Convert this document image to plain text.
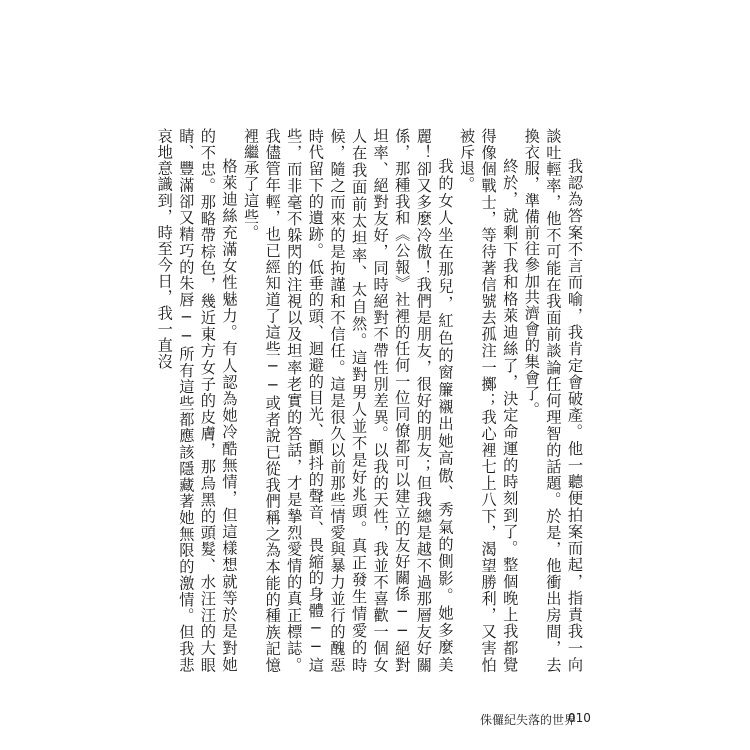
我認為答案不言而喻，我肯定會破產。他一聽便拍案而起，指責我一向談吐輕率，他不可能在我面前談論任何理智的話題。於是，他衝出房間，去換衣服，準備前往參加共濟會的集會了。

終於，就剩下我和格萊迪絲了，決定命運的時刻到了。整個晚上我都覺得像個戰士，等待著信號去孤注一擲；我心裡七上八下，渴望勝利，又害怕被斥退。

我的女人坐在那兒，紅色的窗簾襯出她高傲、秀氣的側影。她多麼美麗！卻又多麼冷傲！我們是朋友，很好的朋友；但我總是越不過那層友好關係，那種我和《公報》社裡的任何一位同僚都可以建立的友好關係──絕對坦率、絕對友好，同時絕對不帶性別差異。以我的天性，我並不喜歡一個女人在我面前太坦率、太自然。這對男人並不是好兆頭。真正發生情愛的時候，隨之而來的是拘謹和不信任。這是很久以前那些情愛與暴力並行的醜惡時代留下的遺跡。低垂的頭、迴避的目光、顫抖的聲音、畏縮的身體──這些，而非毫不躲閃的注視以及坦率老實的答話，才是摯烈愛情的真正標誌。我儘管年輕，也已經知道了這些──或者說已從我們稱之為本能的種族記憶裡繼承了這些。

格萊迪絲充滿女性魅力。有人認為她冷酷無情，但這樣想就等於是對她的不忠。那略帶棕色，幾近東方女子的皮膚，那烏黑的頭髮、水汪汪的大眼睛、豐滿卻又精巧的朱唇──所有這些都應該隱藏著她無限的激情。但我悲哀地意識到，時至今日，我一直沒

侏儸紀失落的世界
010
